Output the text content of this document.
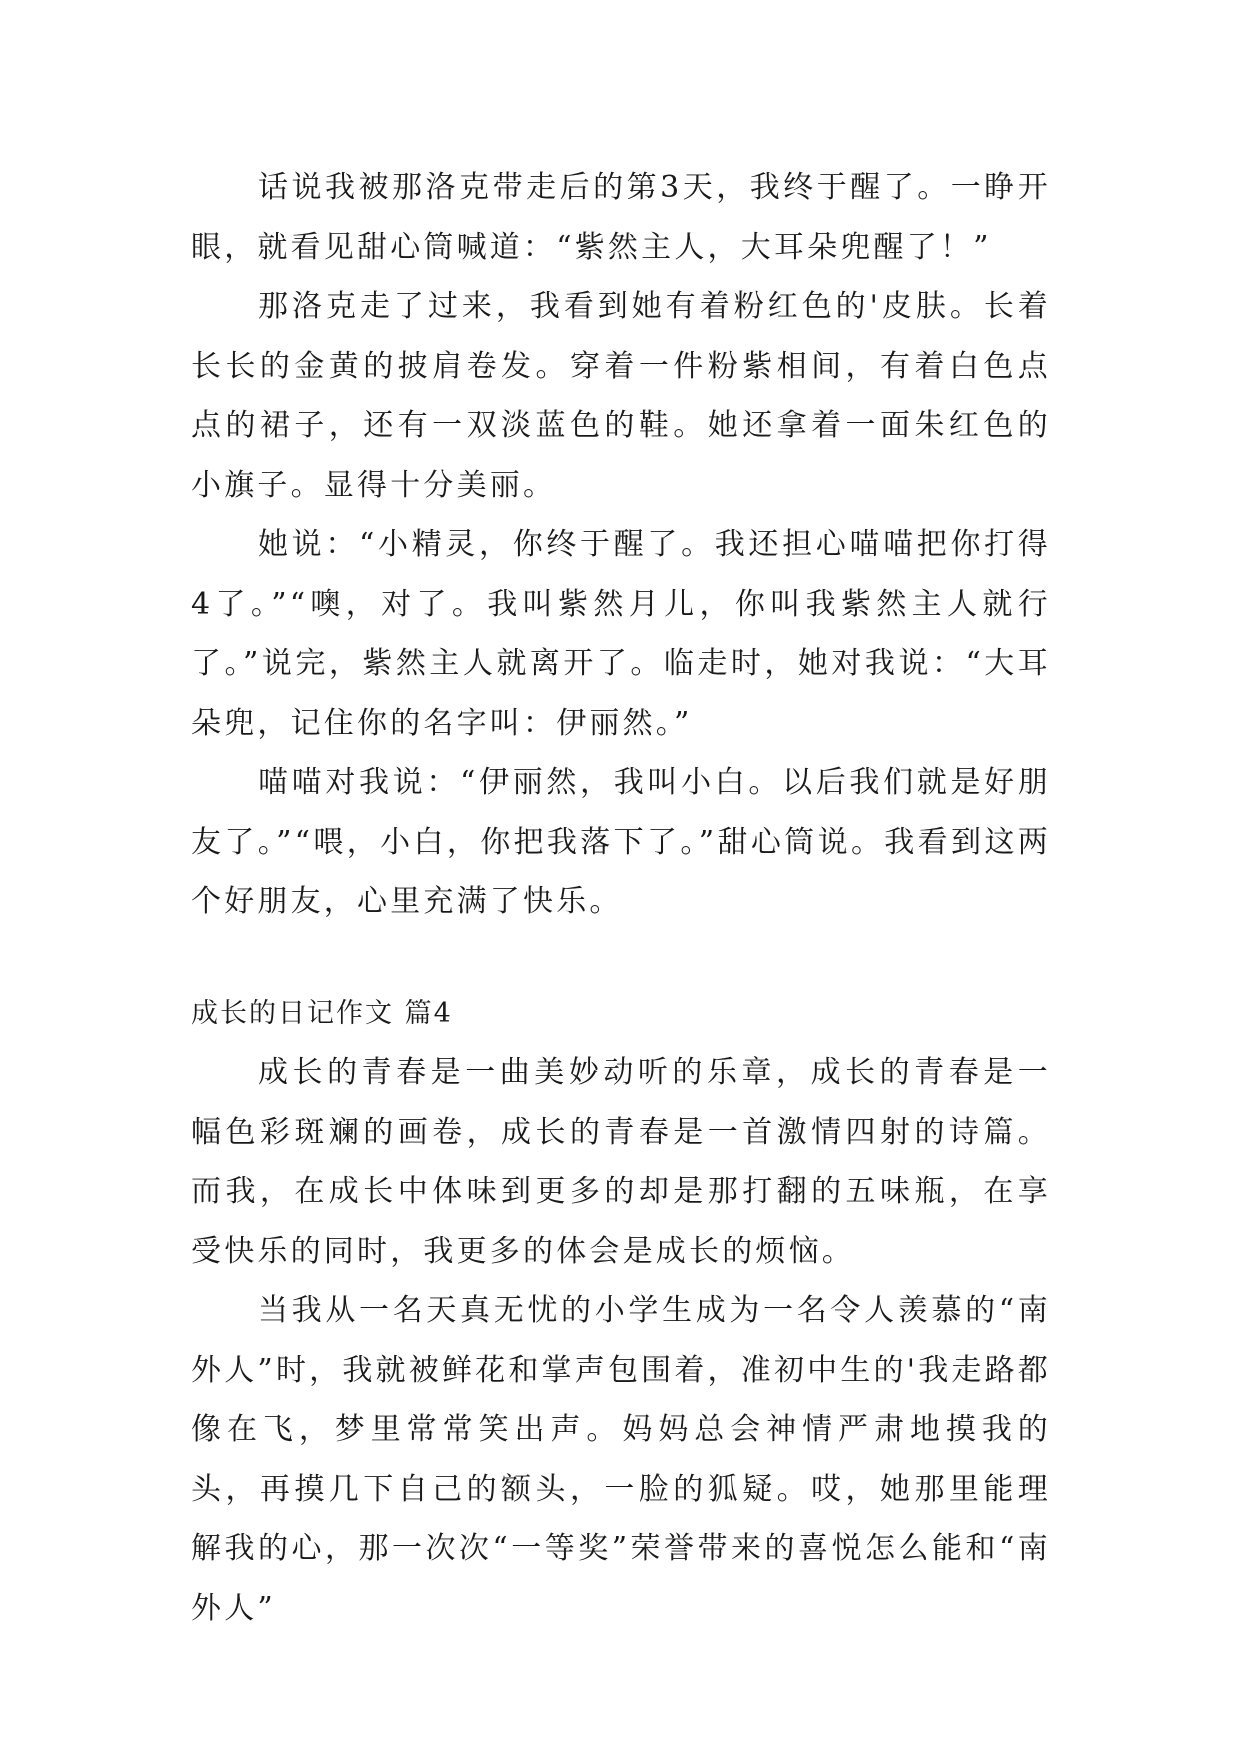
话说我被那洛克带走后的第3天，我终于醒了。一睁开眼，就看见甜心筒喊道：“紫然主人，大耳朵兜醒了！”

那洛克走了过来，我看到她有着粉红色的'皮肤。长着长长的金黄的披肩卷发。穿着一件粉紫相间，有着白色点点的裙子，还有一双淡蓝色的鞋。她还拿着一面朱红色的小旗子。显得十分美丽。

她说：“小精灵，你终于醒了。我还担心喵喵把你打得4了。”“噢，对了。我叫紫然月儿，你叫我紫然主人就行了。”说完，紫然主人就离开了。临走时，她对我说：“大耳朵兜，记住你的名字叫：伊丽然。”

喵喵对我说：“伊丽然，我叫小白。以后我们就是好朋友了。”“喂，小白，你把我落下了。”甜心筒说。我看到这两个好朋友，心里充满了快乐。

成长的日记作文 篇4

成长的青春是一曲美妙动听的乐章，成长的青春是一幅色彩斑斓的画卷，成长的青春是一首激情四射的诗篇。而我，在成长中体味到更多的却是那打翻的五味瓶，在享受快乐的同时，我更多的体会是成长的烦恼。

当我从一名天真无忧的小学生成为一名令人羡慕的“南外人”时，我就被鲜花和掌声包围着，准初中生的'我走路都像在飞，梦里常常笑出声。妈妈总会神情严肃地摸我的头，再摸几下自己的额头，一脸的狐疑。哎，她那里能理解我的心，那一次次“一等奖”荣誉带来的喜悦怎么能和“南外人”
